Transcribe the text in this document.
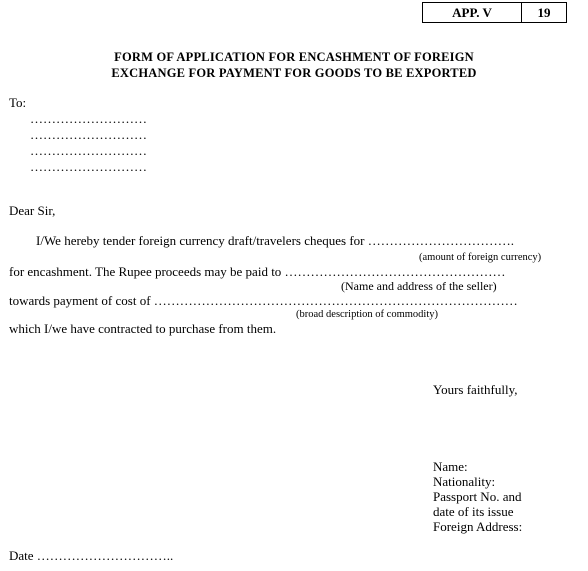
APP. V	19
FORM OF APPLICATION FOR ENCASHMENT OF FOREIGN
EXCHANGE FOR PAYMENT FOR GOODS TO BE EXPORTED
To:
………………………
………………………
………………………
………………………
Dear Sir,
I/We hereby tender foreign currency draft/travelers cheques for …………………………….
(amount of foreign currency)
for encashment. The Rupee proceeds may be paid to ……………………………………………
(Name and address of the seller)
towards payment of cost of …………………………………………………………………………
(broad description of commodity)
which I/we have contracted to purchase from them.
Yours faithfully,
Name:
Nationality:
Passport No. and
date of its issue
Foreign Address:
Date …………………………..
